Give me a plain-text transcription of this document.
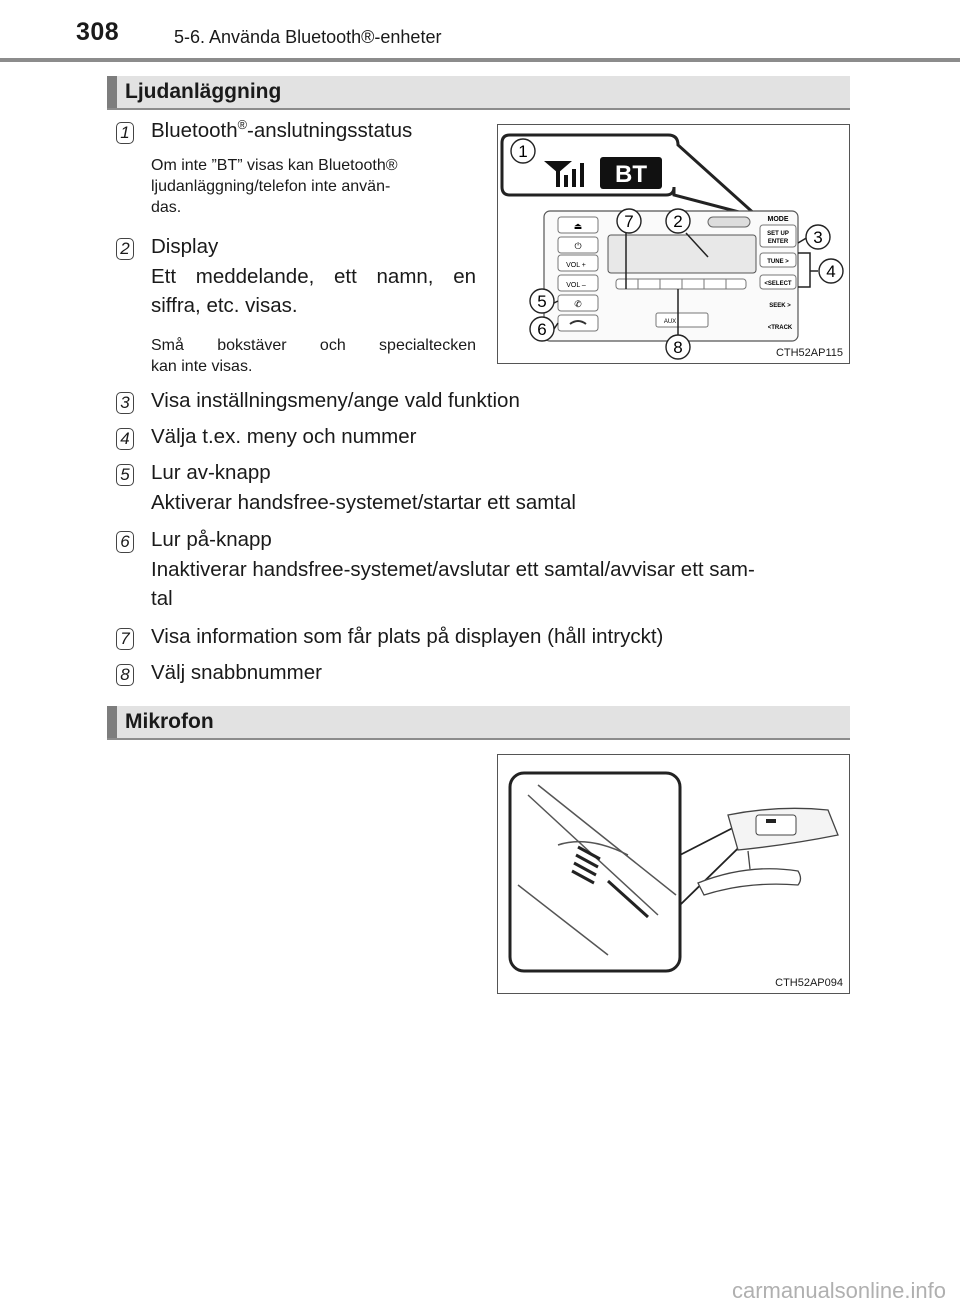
308	5-6. Använda Bluetooth®-enheter
Ljudanläggning
1 Bluetooth®-anslutningsstatus
Om inte ”BT” visas kan Bluetooth®
ljudanläggning/telefon inte använ-
das.
2 Display
Ett meddelande, ett namn, en
siffra, etc. visas.
Små bokstäver och specialtecken
kan inte visas.
3 Visa inställningsmeny/ange vald funktion
4 Välja t.ex. meny och nummer
5 Lur av-knapp
Aktiverar handsfree-systemet/startar ett samtal
6 Lur på-knapp
Inaktiverar handsfree-systemet/avslutar ett samtal/avvisar ett sam-
tal
7 Visa information som får plats på displayen (håll intryckt)
8 Välj snabbnummer
BT
⏏
⏻
VOL +
VOL –
✆
AUX
MODE
SET UP
ENTER
TUNE >
<SELECT
SEEK >
<TRACK
1
7 2
3
4
5
6
8	CTH52AP115
Mikrofon
CTH52AP094
carmanualsonline.info
